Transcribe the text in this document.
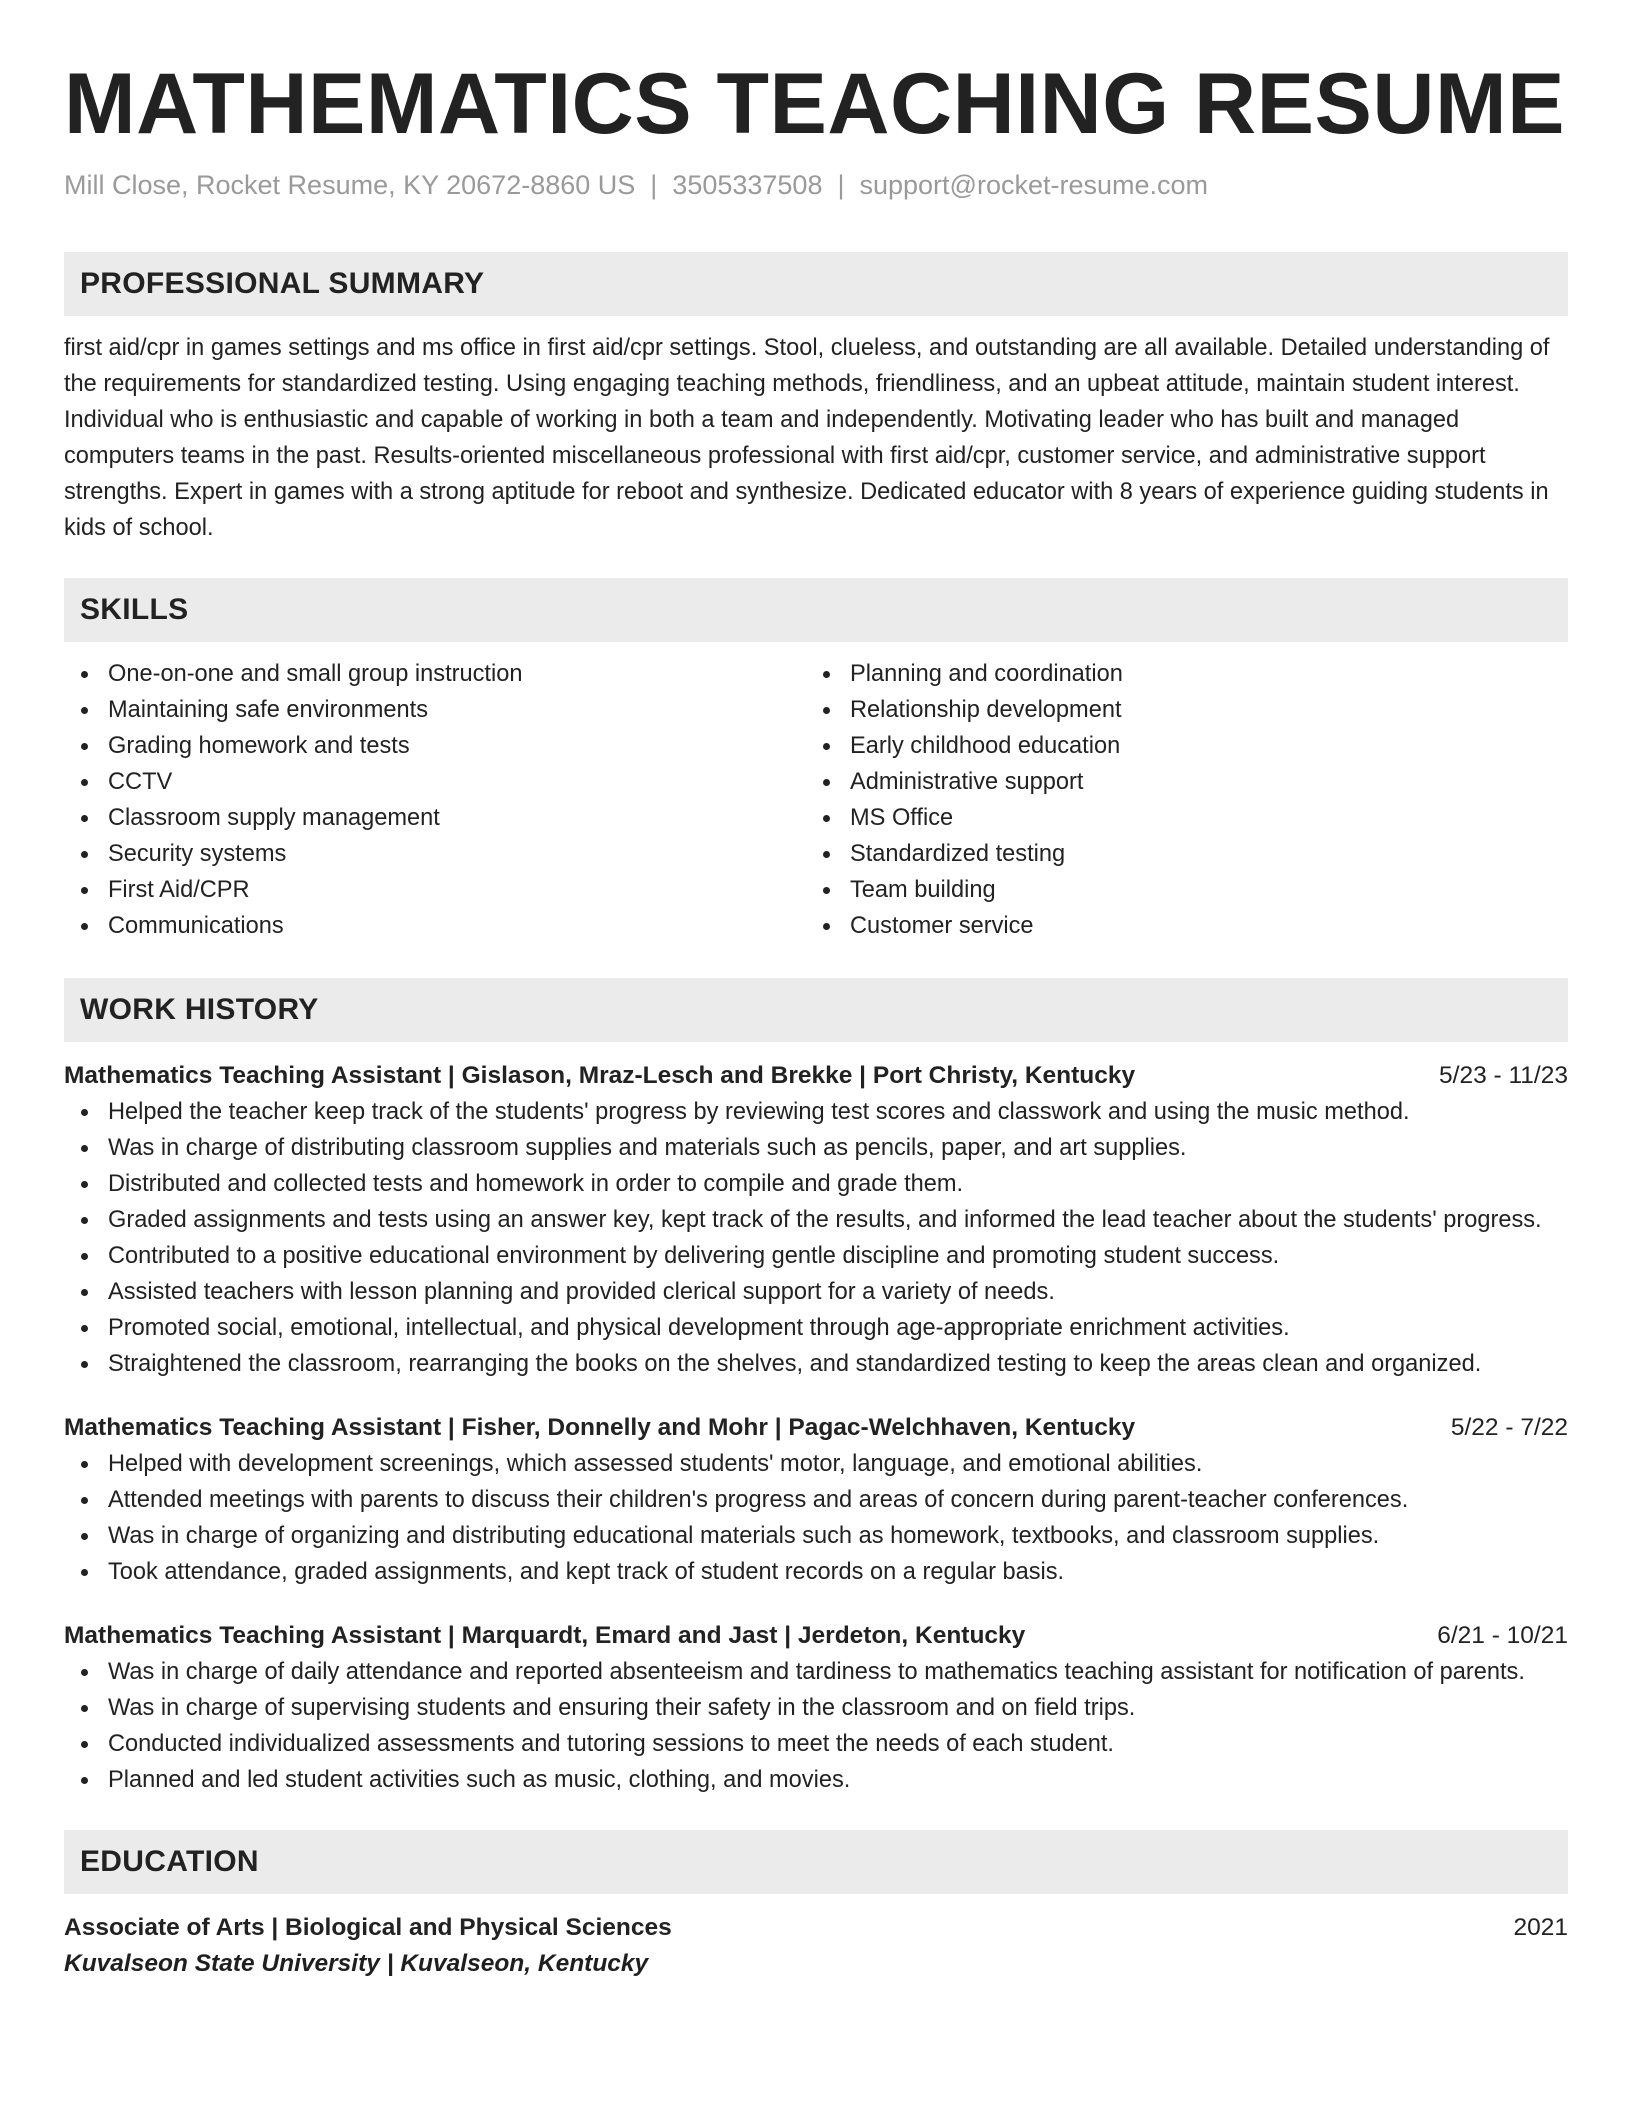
MATHEMATICS TEACHING RESUME
Mill Close, Rocket Resume, KY 20672-8860 US | 3505337508 | support@rocket-resume.com
PROFESSIONAL SUMMARY
first aid/cpr in games settings and ms office in first aid/cpr settings. Stool, clueless, and outstanding are all available. Detailed understanding of the requirements for standardized testing. Using engaging teaching methods, friendliness, and an upbeat attitude, maintain student interest. Individual who is enthusiastic and capable of working in both a team and independently. Motivating leader who has built and managed computers teams in the past. Results-oriented miscellaneous professional with first aid/cpr, customer service, and administrative support strengths. Expert in games with a strong aptitude for reboot and synthesize. Dedicated educator with 8 years of experience guiding students in kids of school.
SKILLS
One-on-one and small group instruction
Maintaining safe environments
Grading homework and tests
CCTV
Classroom supply management
Security systems
First Aid/CPR
Communications
Planning and coordination
Relationship development
Early childhood education
Administrative support
MS Office
Standardized testing
Team building
Customer service
WORK HISTORY
Mathematics Teaching Assistant | Gislason, Mraz-Lesch and Brekke | Port Christy, Kentucky	5/23 - 11/23
Helped the teacher keep track of the students' progress by reviewing test scores and classwork and using the music method.
Was in charge of distributing classroom supplies and materials such as pencils, paper, and art supplies.
Distributed and collected tests and homework in order to compile and grade them.
Graded assignments and tests using an answer key, kept track of the results, and informed the lead teacher about the students' progress.
Contributed to a positive educational environment by delivering gentle discipline and promoting student success.
Assisted teachers with lesson planning and provided clerical support for a variety of needs.
Promoted social, emotional, intellectual, and physical development through age-appropriate enrichment activities.
Straightened the classroom, rearranging the books on the shelves, and standardized testing to keep the areas clean and organized.
Mathematics Teaching Assistant | Fisher, Donnelly and Mohr | Pagac-Welchhaven, Kentucky	5/22 - 7/22
Helped with development screenings, which assessed students' motor, language, and emotional abilities.
Attended meetings with parents to discuss their children's progress and areas of concern during parent-teacher conferences.
Was in charge of organizing and distributing educational materials such as homework, textbooks, and classroom supplies.
Took attendance, graded assignments, and kept track of student records on a regular basis.
Mathematics Teaching Assistant | Marquardt, Emard and Jast | Jerdeton, Kentucky	6/21 - 10/21
Was in charge of daily attendance and reported absenteeism and tardiness to mathematics teaching assistant for notification of parents.
Was in charge of supervising students and ensuring their safety in the classroom and on field trips.
Conducted individualized assessments and tutoring sessions to meet the needs of each student.
Planned and led student activities such as music, clothing, and movies.
EDUCATION
Associate of Arts | Biological and Physical Sciences	2021
Kuvalseon State University | Kuvalseon, Kentucky
